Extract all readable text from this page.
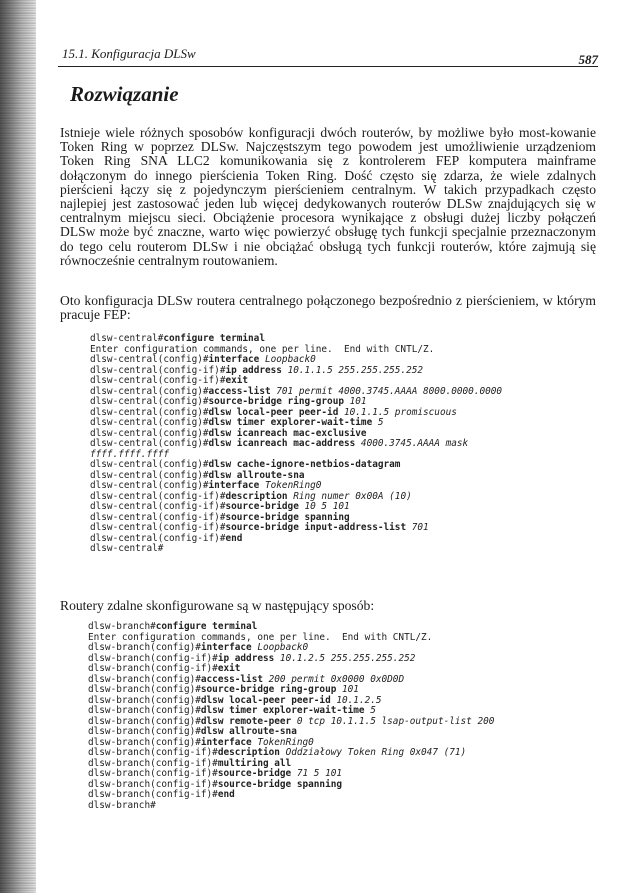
15.1. Konfiguracja DLSw	587
Rozwiązanie

Istnieje wiele różnych sposobów konfiguracji dwóch routerów, by możliwe było most-kowanie Token Ring w poprzez DLSw. Najczęstszym tego powodem jest umożliwienie urządzeniom Token Ring SNA LLC2 komunikowania się z kontrolerem FEP komputera mainframe dołączonym do innego pierścienia Token Ring. Dość często się zdarza, że wiele zdalnych pierścieni łączy się z pojedynczym pierścieniem centralnym. W takich przypadkach często najlepiej jest zastosować jeden lub więcej dedykowanych routerów DLSw znajdujących się w centralnym miejscu sieci. Obciążenie procesora wynikające z obsługi dużej liczby połączeń DLSw może być znaczne, warto więc powierzyć obsługę tych funkcji specjalnie przeznaczonym do tego celu routerom DLSw i nie obciążać obsługą tych funkcji routerów, które zajmują się równocześnie centralnym routowaniem.

Oto konfiguracja DLSw routera centralnego połączonego bezpośrednio z pierścieniem, w którym pracuje FEP:

dlsw-central#configure terminal
Enter configuration commands, one per line.  End with CNTL/Z.
dlsw-central(config)#interface Loopback0
dlsw-central(config-if)#ip address 10.1.1.5 255.255.255.252
dlsw-central(config-if)#exit
dlsw-central(config)#access-list 701 permit 4000.3745.AAAA 8000.0000.0000
dlsw-central(config)#source-bridge ring-group 101
dlsw-central(config)#dlsw local-peer peer-id 10.1.1.5 promiscuous
dlsw-central(config)#dlsw timer explorer-wait-time 5
dlsw-central(config)#dlsw icanreach mac-exclusive
dlsw-central(config)#dlsw icanreach mac-address 4000.3745.AAAA mask
ffff.ffff.ffff
dlsw-central(config)#dlsw cache-ignore-netbios-datagram
dlsw-central(config)#dlsw allroute-sna
dlsw-central(config)#interface TokenRing0
dlsw-central(config-if)#description Ring numer 0x00A (10)
dlsw-central(config-if)#source-bridge 10 5 101
dlsw-central(config-if)#source-bridge spanning
dlsw-central(config-if)#source-bridge input-address-list 701
dlsw-central(config-if)#end
dlsw-central#

Routery zdalne skonfigurowane są w następujący sposób:

dlsw-branch#configure terminal
Enter configuration commands, one per line.  End with CNTL/Z.
dlsw-branch(config)#interface Loopback0
dlsw-branch(config-if)#ip address 10.1.2.5 255.255.255.252
dlsw-branch(config-if)#exit
dlsw-branch(config)#access-list 200 permit 0x0000 0x0D0D
dlsw-branch(config)#source-bridge ring-group 101
dlsw-branch(config)#dlsw local-peer peer-id 10.1.2.5
dlsw-branch(config)#dlsw timer explorer-wait-time 5
dlsw-branch(config)#dlsw remote-peer 0 tcp 10.1.1.5 lsap-output-list 200
dlsw-branch(config)#dlsw allroute-sna
dlsw-branch(config)#interface TokenRing0
dlsw-branch(config-if)#description Oddziałowy Token Ring 0x047 (71)
dlsw-branch(config-if)#multiring all
dlsw-branch(config-if)#source-bridge 71 5 101
dlsw-branch(config-if)#source-bridge spanning
dlsw-branch(config-if)#end
dlsw-branch#
